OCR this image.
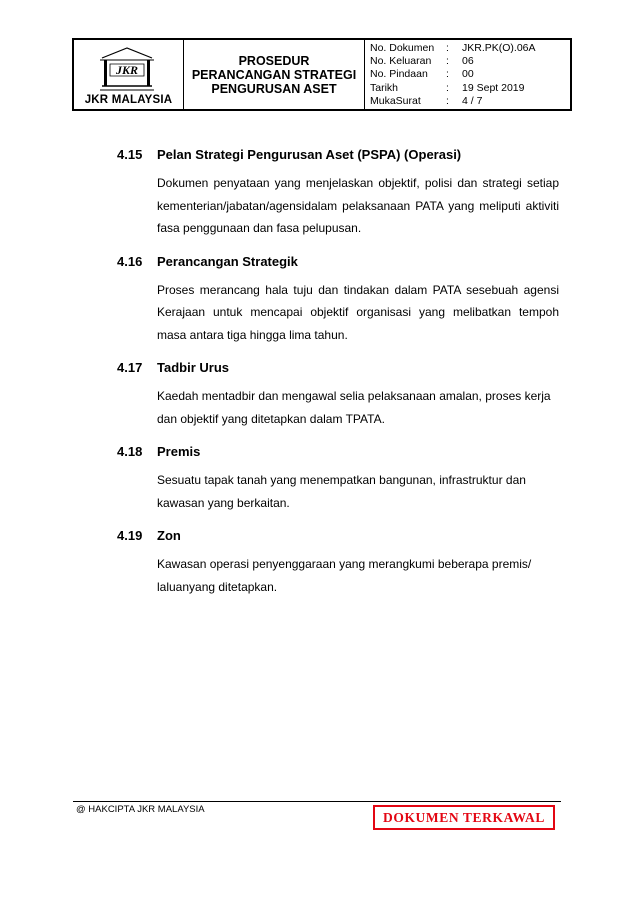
JKR
JKR MALAYSIA
PROSEDUR
PERANCANGAN STRATEGI
PENGURUSAN ASET
No. Dokumen	:	JKR.PK(O).06A
No. Keluaran	:	06
No. Pindaan	:	00
Tarikh	:	19 Sept 2019
MukaSurat	:	4 / 7
4.15	Pelan Strategi Pengurusan Aset (PSPA) (Operasi)
Dokumen penyataan yang menjelaskan objektif, polisi dan strategi setiap kementerian/jabatan/agensidalam pelaksanaan PATA yang meliputi aktiviti fasa penggunaan dan fasa pelupusan.
4.16	Perancangan Strategik
Proses merancang hala tuju dan tindakan dalam PATA sesebuah agensi Kerajaan untuk mencapai objektif organisasi yang melibatkan tempoh masa antara tiga hingga lima tahun.
4.17	Tadbir Urus
Kaedah mentadbir dan mengawal selia pelaksanaan amalan, proses kerja dan objektif yang ditetapkan dalam TPATA.
4.18	Premis
Sesuatu tapak tanah yang menempatkan bangunan, infrastruktur dan kawasan yang berkaitan.
4.19	Zon
Kawasan operasi penyenggaraan yang merangkumi beberapa premis/ laluanyang ditetapkan.
@ HAKCIPTA JKR MALAYSIA	DOKUMEN TERKAWAL
